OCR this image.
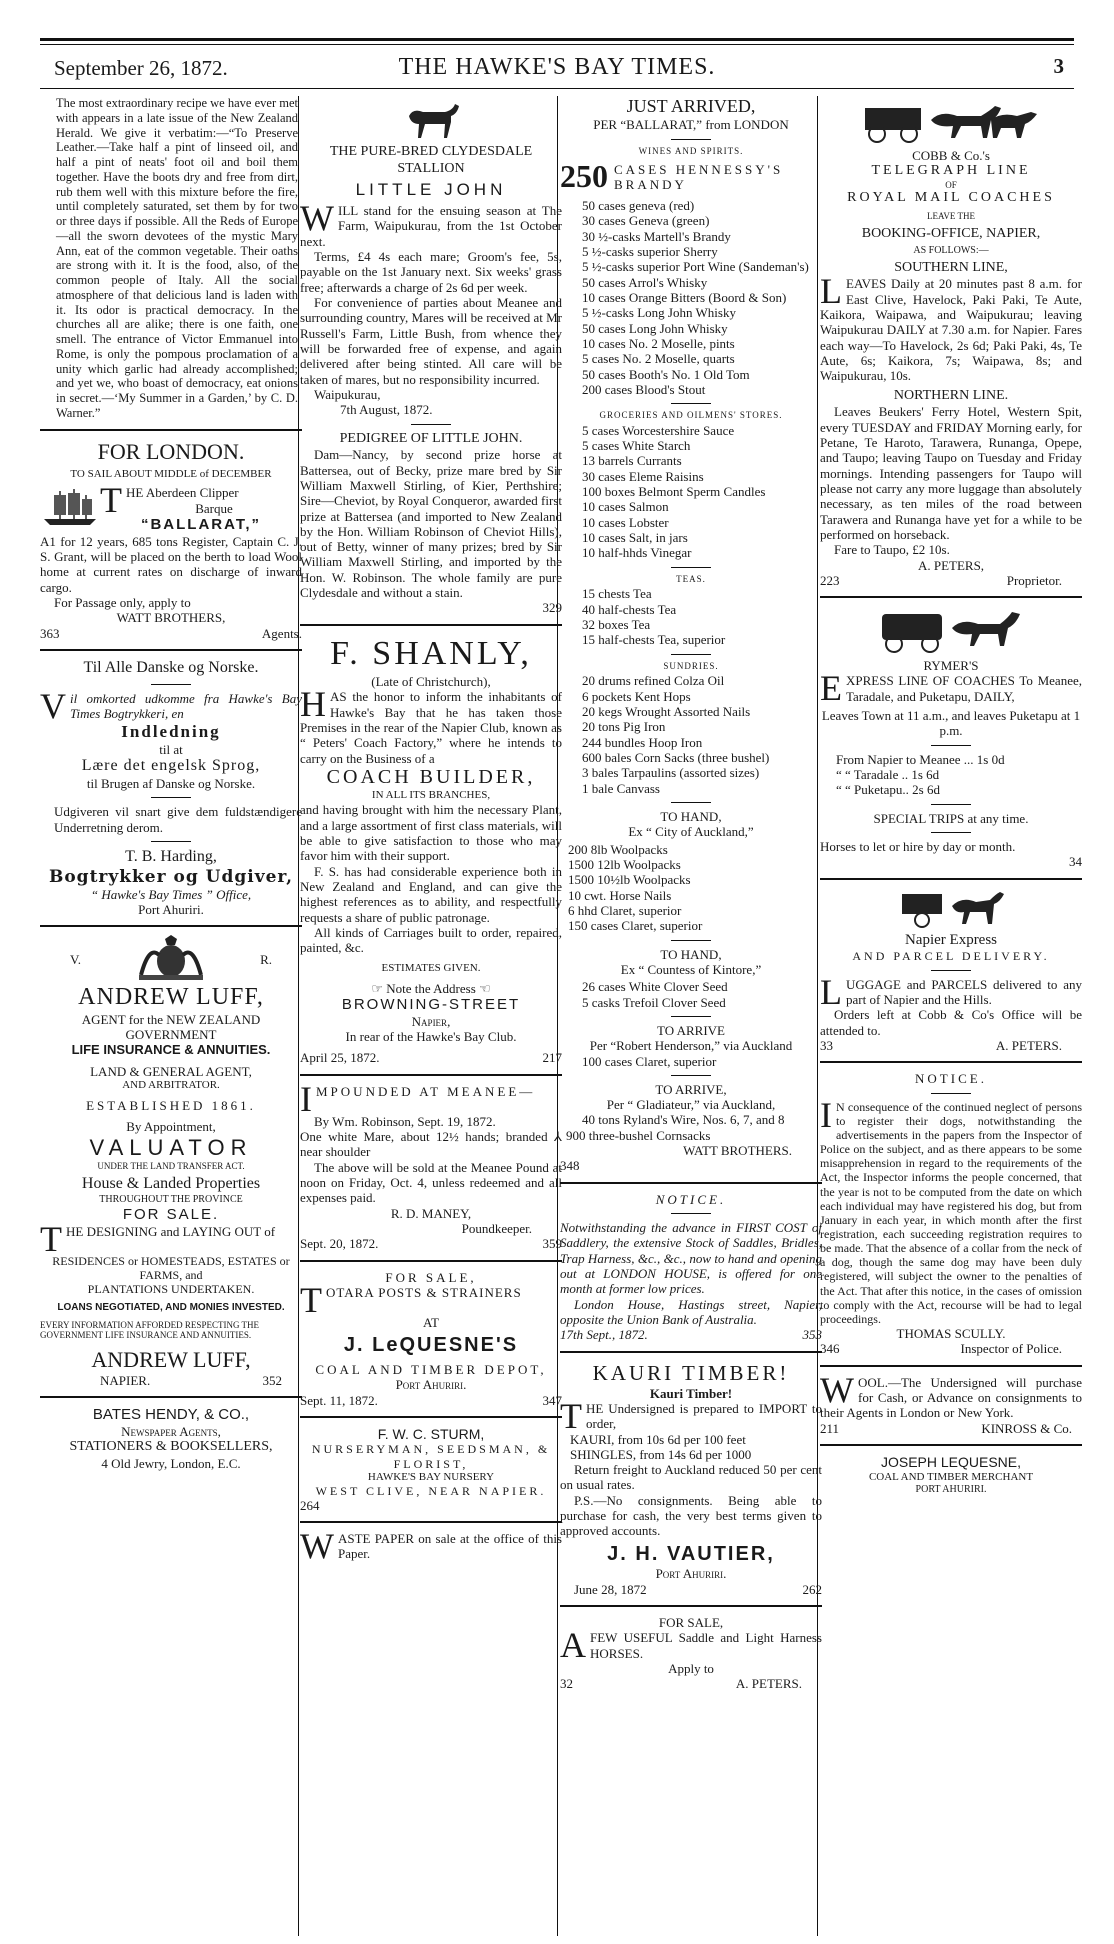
September 26, 1872.	THE HAWKE'S BAY TIMES.	3

The most extraordinary recipe we have ever met with appears in a late issue of the New Zealand Herald. We give it verbatim:—“To Preserve Leather.—Take half a pint of linseed oil, and half a pint of neats' foot oil and boil them together. Have the boots dry and free from dirt, rub them well with this mixture before the fire, until completely saturated, set them by for two or three days if possible. All the Reds of Europe—all the sworn devotees of the mystic Mary Ann, eat of the common vegetable. Their oaths are strong with it. It is the food, also, of the common people of Italy. All the social atmosphere of that delicious land is laden with it. Its odor is practical democracy. In the churches all are alike; there is one faith, one smell. The entrance of Victor Emmanuel into Rome, is only the pompous proclamation of a unity which garlic had already accomplished; and yet we, who boast of democracy, eat onions in secret.—‘My Summer in a Garden,’ by C. D. Warner.”

FOR LONDON.
TO SAIL ABOUT MIDDLE of DECEMBER
THE Aberdeen Clipper
Barque
“BALLARAT,”

A1 for 12 years, 685 tons Register, Captain C. J. S. Grant, will be placed on the berth to load Wool home at current rates on discharge of inward cargo.

For Passage only, apply to

WATT BROTHERS,
363	Agents.
Til Alle Danske og Norske.

Vil omkorted udkomme fra Hawke's Bay Times Bogtrykkeri, en

Indledning
til at
Lære det engelsk Sprog,
til Brugen af Danske og Norske.

Udgiveren vil snart give dem fuldstændigere Underretning derom.

T. B. Harding,
Bogtrykker og Udgiver,
“ Hawke's Bay Times ” Office,
Port Ahuriri.
V.	R.
ANDREW LUFF,
AGENT for the NEW ZEALAND GOVERNMENT
LIFE INSURANCE & ANNUITIES.
LAND & GENERAL AGENT,
AND ARBITRATOR.
ESTABLISHED 1861.
By Appointment,
VALUATOR
UNDER THE LAND TRANSFER ACT.
House & Landed Properties
THROUGHOUT THE PROVINCE
FOR SALE.

THE DESIGNING and LAYING OUT of

RESIDENCES or HOMESTEADS, ESTATES or FARMS, and
PLANTATIONS UNDERTAKEN.
LOANS NEGOTIATED, AND MONIES INVESTED.
EVERY INFORMATION AFFORDED RESPECTING THE GOVERNMENT LIFE INSURANCE AND ANNUITIES.
ANDREW LUFF,
NAPIER.	352
BATES HENDY, & CO.,
Newspaper Agents,
STATIONERS & BOOKSELLERS,
4 Old Jewry, London, E.C.
THE PURE-BRED CLYDESDALE STALLION
LITTLE JOHN

WILL stand for the ensuing season at The Farm, Waipukurau, from the 1st October next.

Terms, £4 4s each mare; Groom's fee, 5s, payable on the 1st January next. Six weeks' grass free; afterwards a charge of 2s 6d per week.

For convenience of parties about Meanee and surrounding country, Mares will be received at Mr Russell's Farm, Little Bush, from whence they will be forwarded free of expense, and again delivered after being stinted. All care will be taken of mares, but no responsibility incurred.

Waipukurau,
7th August, 1872.
PEDIGREE OF LITTLE JOHN.

Dam—Nancy, by second prize horse at Battersea, out of Becky, prize mare bred by Sir William Maxwell Stirling, of Kier, Perthshire; Sire—Cheviot, by Royal Conqueror, awarded first prize at Battersea (and imported to New Zealand by the Hon. William Robinson of Cheviot Hills), out of Betty, winner of many prizes; bred by Sir William Maxwell Stirling, and imported by the Hon. W. Robinson. The whole family are pure Clydesdale and without a stain.

329
F. SHANLY,
(Late of Christchurch),

HAS the honor to inform the inhabitants of Hawke's Bay that he has taken those Premises in the rear of the Napier Club, known as “ Peters' Coach Factory,” where he intends to carry on the Business of a

COACH BUILDER,
IN ALL ITS BRANCHES,

and having brought with him the necessary Plant, and a large assortment of first class materials, will be able to give satisfaction to those who may favor him with their support.

F. S. has had considerable experience both in New Zealand and England, and can give the highest references as to ability, and respectfully requests a share of public patronage.

All kinds of Carriages built to order, repaired, painted, &c.

ESTIMATES GIVEN.
☞ Note the Address ☜
BROWNING-STREET
Napier,
In rear of the Hawke's Bay Club.
April 25, 1872.	217

IMPOUNDED AT MEANEE—

By Wm. Robinson, Sept. 19, 1872.

One white Mare, about 12½ hands; branded ⅄ near shoulder

The above will be sold at the Meanee Pound at noon on Friday, Oct. 4, unless redeemed and all expenses paid.

R. D. MANEY,
Poundkeeper.
Sept. 20, 1872.	359
FOR SALE,

TOTARA POSTS & STRAINERS

AT
J. LeQUESNE'S
COAL AND TIMBER DEPOT,
Port Ahuriri.
Sept. 11, 1872.	347
F. W. C. STURM,
NURSERYMAN, SEEDSMAN, & FLORIST,
HAWKE'S BAY NURSERY
WEST CLIVE, NEAR NAPIER.
264

WASTE PAPER on sale at the office of this Paper.

JUST ARRIVED,
PER “BALLARAT,” from LONDON
WINES AND SPIRITS.
250 CASES HENNESSY'S BRANDY
50 cases geneva (red)
30 cases Geneva (green)
30 ½-casks Martell's Brandy
5 ½-casks superior Sherry
5 ½-casks superior Port Wine (Sandeman's)
50 cases Arrol's Whisky
10 cases Orange Bitters (Boord & Son)
5 ½-casks Long John Whisky
50 cases Long John Whisky
10 cases No. 2 Moselle, pints
5 cases No. 2 Moselle, quarts
50 cases Booth's No. 1 Old Tom
200 cases Blood's Stout
GROCERIES AND OILMENS' STORES.
5 cases Worcestershire Sauce
5 cases White Starch
13 barrels Currants
30 cases Eleme Raisins
100 boxes Belmont Sperm Candles
10 cases Salmon
10 cases Lobster
10 cases Salt, in jars
10 half-hhds Vinegar
TEAS.
15 chests Tea
40 half-chests Tea
32 boxes Tea
15 half-chests Tea, superior
SUNDRIES.
20 drums refined Colza Oil
6 pockets Kent Hops
20 kegs Wrought Assorted Nails
20 tons Pig Iron
244 bundles Hoop Iron
600 bales Corn Sacks (three bushel)
3 bales Tarpaulins (assorted sizes)
1 bale Canvass
TO HAND,
Ex “ City of Auckland,”
200 8lb Woolpacks
1500 12lb Woolpacks
1500 10½lb Woolpacks
10 cwt. Horse Nails
6 hhd Claret, superior
150 cases Claret, superior
TO HAND,
Ex “ Countess of Kintore,”
26 cases White Clover Seed
5 casks Trefoil Clover Seed
TO ARRIVE
Per “Robert Henderson,” via Auckland
100 cases Claret, superior
TO ARRIVE,
Per “ Gladiateur,” via Auckland,
40 tons Ryland's Wire, Nos. 6, 7, and 8
900 three-bushel Cornsacks
WATT BROTHERS.
348
NOTICE.

Notwithstanding the advance in FIRST COST of Saddlery, the extensive Stock of Saddles, Bridles, Trap Harness, &c., &c., now to hand and opening out at LONDON HOUSE, is offered for one month at former low prices.

London House, Hastings street, Napier, opposite the Union Bank of Australia.

17th Sept., 1872.	353
KAURI TIMBER!
Kauri Timber!

THE Undersigned is prepared to IMPORT to order,

KAURI, from 10s 6d per 100 feet
SHINGLES, from 14s 6d per 1000

Return freight to Auckland reduced 50 per cent on usual rates.

P.S.—No consignments. Being able to purchase for cash, the very best terms given to approved accounts.

J. H. VAUTIER,
Port Ahuriri.
June 28, 1872	262
FOR SALE,

AFEW USEFUL Saddle and Light Harness HORSES.

Apply to
32	A. PETERS.
COBB & Co.'s
TELEGRAPH LINE
OF
ROYAL MAIL COACHES
LEAVE THE
BOOKING-OFFICE, NAPIER,
AS FOLLOWS:—
SOUTHERN LINE,

LEAVES Daily at 20 minutes past 8 a.m. for East Clive, Havelock, Paki Paki, Te Aute, Kaikora, Waipawa, and Waipukurau; leaving Waipukurau DAILY at 7.30 a.m. for Napier. Fares each way—To Havelock, 2s 6d; Paki Paki, 4s, Te Aute, 6s; Kaikora, 7s; Waipawa, 8s; and Waipukurau, 10s.

NORTHERN LINE.

Leaves Beukers' Ferry Hotel, Western Spit, every TUESDAY and FRIDAY Morning early, for Petane, Te Haroto, Tarawera, Runanga, Opepe, and Taupo; leaving Taupo on Tuesday and Friday mornings. Intending passengers for Taupo will please not carry any more luggage than absolutely necessary, as ten miles of the road between Tarawera and Runanga have yet for a while to be performed on horseback.

Fare to Taupo, £2 10s.
A. PETERS,
223	Proprietor.
RYMER'S

EXPRESS LINE OF COACHES To Meanee, Taradale, and Puketapu, DAILY,

Leaves Town at 11 a.m., and leaves Puketapu at 1 p.m.
From Napier to Meanee ... 1s 0d
“ “ Taradale .. 1s 6d
“ “ Puketapu.. 2s 6d
SPECIAL TRIPS at any time.
Horses to let or hire by day or month.
34
Napier Express
AND PARCEL DELIVERY.

LUGGAGE and PARCELS delivered to any part of Napier and the Hills.

Orders left at Cobb & Co's Office will be attended to.

33	A. PETERS.
NOTICE.

I N consequence of the continued neglect of persons to register their dogs, notwithstanding the advertisements in the papers from the Inspector of Police on the subject, and as there appears to be some misapprehension in regard to the requirements of the Act, the Inspector informs the people concerned, that the year is not to be computed from the date on which each individual may have registered his dog, but from January in each year, in which month after the first registration, each succeeding registration requires to be made. That the absence of a collar from the neck of a dog, though the same dog may have been duly registered, will subject the owner to the penalties of the Act. That after this notice, in the cases of omission to comply with the Act, recourse will be had to legal proceedings.

THOMAS SCULLY.
346	Inspector of Police.

WOOL.—The Undersigned will purchase for Cash, or Advance on consignments to their Agents in London or New York.

211	KINROSS & Co.
JOSEPH LEQUESNE,
COAL AND TIMBER MERCHANT
PORT AHURIRI.
